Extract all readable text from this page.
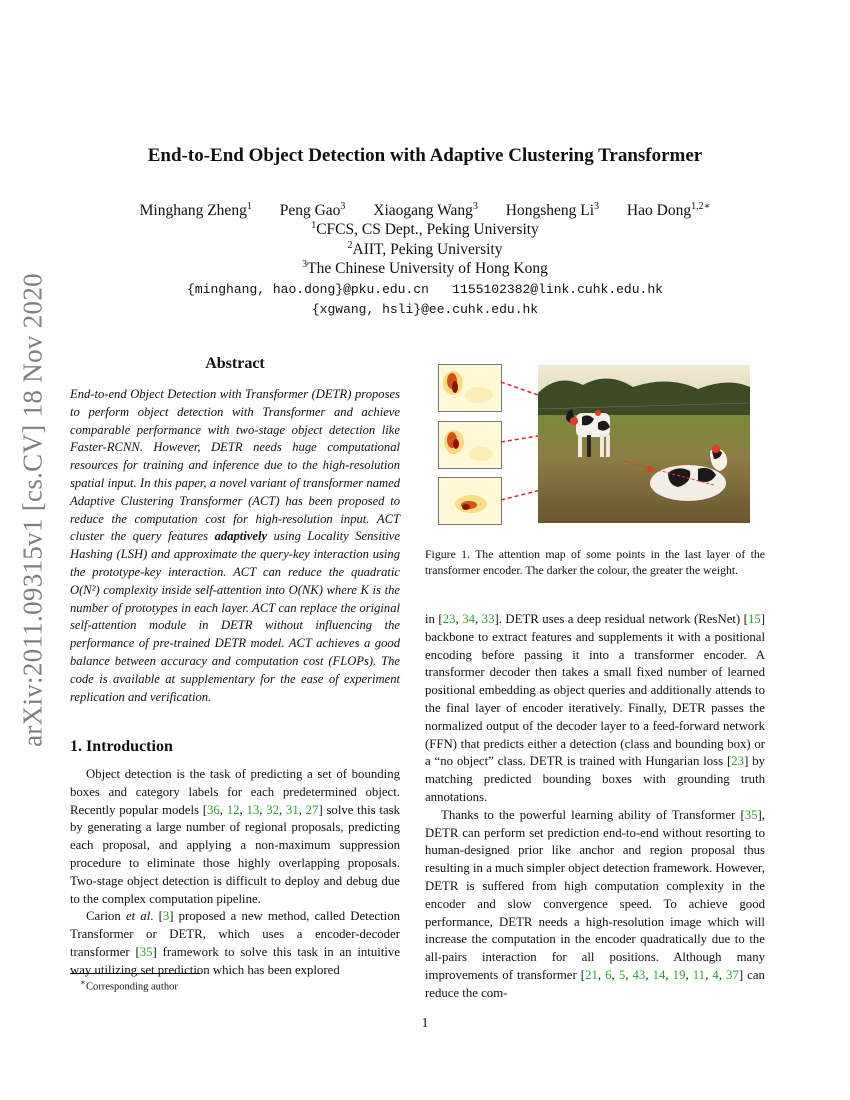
arXiv:2011.09315v1 [cs.CV] 18 Nov 2020
End-to-End Object Detection with Adaptive Clustering Transformer
Minghang Zheng$^1$ Peng Gao$^3$ Xiaogang Wang$^3$ Hongsheng Li$^3$ Hao Dong$^{1,2∗}$
$^1$CFCS, CS Dept., Peking University
$^2$AIIT, Peking University
$^3$The Chinese University of Hong Kong
{minghang, hao.dong}@pku.edu.cn   1155102382@link.cuhk.edu.hk
{xgwang, hsli}@ee.cuhk.edu.hk
Abstract
End-to-end Object Detection with Transformer (DETR) proposes to perform object detection with Transformer and achieve comparable performance with two-stage object detection like Faster-RCNN. However, DETR needs huge computational resources for training and inference due to the high-resolution spatial input. In this paper, a novel variant of transformer named Adaptive Clustering Transformer (ACT) has been proposed to reduce the computation cost for high-resolution input. ACT cluster the query features adaptively using Locality Sensitive Hashing (LSH) and approximate the query-key interaction using the prototype-key interaction. ACT can reduce the quadratic O(N²) complexity inside self-attention into O(NK) where K is the number of prototypes in each layer. ACT can replace the original self-attention module in DETR without influencing the performance of pre-trained DETR model. ACT achieves a good balance between accuracy and computation cost (FLOPs). The code is available at supplementary for the ease of experiment replication and verification.
1. Introduction

Object detection is the task of predicting a set of bounding boxes and category labels for each predetermined object. Recently popular models [36, 12, 13, 32, 31, 27] solve this task by generating a large number of regional proposals, predicting each proposal, and applying a non-maximum suppression procedure to eliminate those highly overlapping proposals. Two-stage object detection is difficult to deploy and debug due to the complex computation pipeline.

Carion et al. [3] proposed a new method, called Detection Transformer or DETR, which uses a encoder-decoder transformer [35] framework to solve this task in an intuitive way utilizing set prediction which has been explored

∗Corresponding author
Figure 1. The attention map of some points in the last layer of the transformer encoder. The darker the colour, the greater the weight.

in [23, 34, 33]. DETR uses a deep residual network (ResNet) [15] backbone to extract features and supplements it with a positional encoding before passing it into a transformer encoder. A transformer decoder then takes a small fixed number of learned positional embedding as object queries and additionally attends to the final layer of encoder iteratively. Finally, DETR passes the normalized output of the decoder layer to a feed-forward network (FFN) that predicts either a detection (class and bounding box) or a “no object” class. DETR is trained with Hungarian loss [23] by matching predicted bounding boxes with grounding truth annotations.

Thanks to the powerful learning ability of Transformer [35], DETR can perform set prediction end-to-end without resorting to human-designed prior like anchor and region proposal thus resulting in a much simpler object detection framework. However, DETR is suffered from high computation complexity in the encoder and slow convergence speed. To achieve good performance, DETR needs a high-resolution image which will increase the computation in the encoder quadratically due to the all-pairs interaction for all positions. Although many improvements of transformer [21, 6, 5, 43, 14, 19, 11, 4, 37] can reduce the com-

1
